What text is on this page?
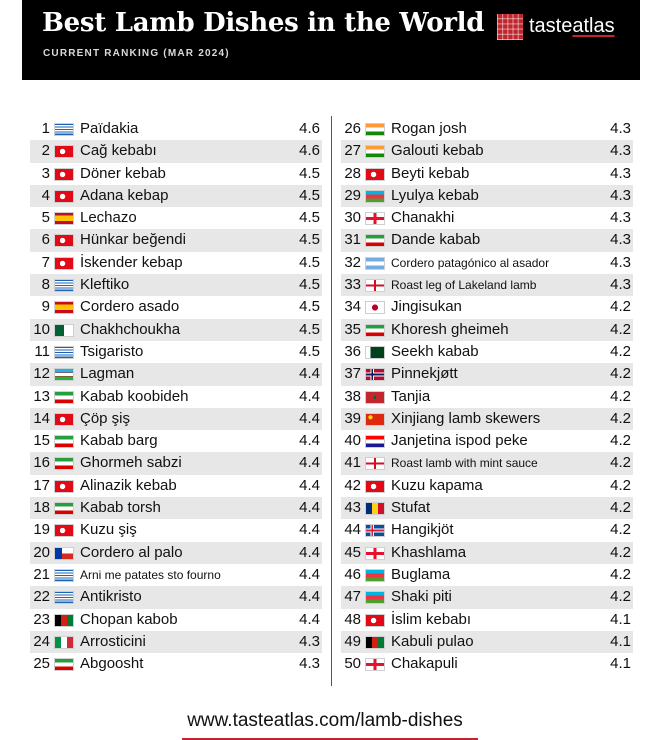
Best Lamb Dishes in the World
CURRENT RANKING (MAR 2024)
tasteatlas
1 Païdakia	4.6
2 Cağ kebabı	4.6
3 Döner kebab	4.5
4 Adana kebap	4.5
5 Lechazo	4.5
6 Hünkar beğendi	4.5
7 İskender kebap	4.5
8 Kleftiko	4.5
9 Cordero asado	4.5
10 Chakhchoukha	4.5
11 Tsigaristo	4.5
12 Lagman	4.4
13 Kabab koobideh	4.4
14 Çöp şiş	4.4
15 Kabab barg	4.4
16 Ghormeh sabzi	4.4
17 Alinazik kebab	4.4
18 Kabab torsh	4.4
19 Kuzu şiş	4.4
20 Cordero al palo	4.4
21	Arni me patates sto fourno	4.4
22 Antikristo	4.4
23 Chopan kabob	4.4
24 Arrosticini	4.3
25 Abgoosht	4.3
26 Rogan josh	4.3
27 Galouti kebab	4.3
28 Beyti kebab	4.3
29 Lyulya kebab	4.3
30 Chanakhi	4.3
31 Dande kabab	4.3
32	Cordero patagónico al asador	4.3
33	Roast leg of Lakeland lamb	4.3
34 Jingisukan	4.2
35 Khoresh gheimeh	4.2
36 Seekh kabab	4.2
37 Pinnekjøtt	4.2
38 Tanjia	4.2
39 Xinjiang lamb skewers	4.2
40 Janjetina ispod peke	4.2
41	Roast lamb with mint sauce	4.2
42 Kuzu kapama	4.2
43 Stufat	4.2
44 Hangikjöt	4.2
45 Khashlama	4.2
46 Buglama	4.2
47 Shaki piti	4.2
48 İslim kebabı	4.1
49 Kabuli pulao	4.1
50 Chakapuli	4.1
www.tasteatlas.com/lamb-dishes
